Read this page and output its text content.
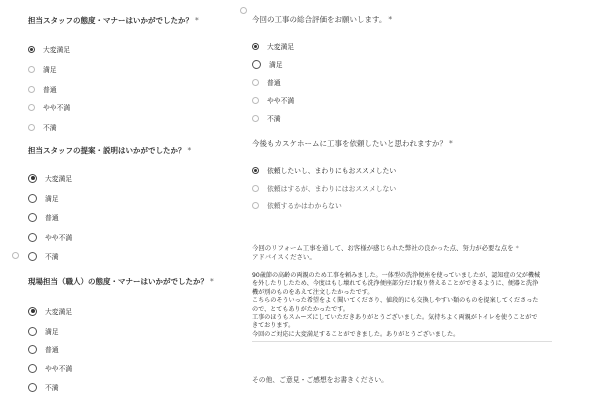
担当スタッフの態度・マナーはいかがでしたか？ *
大変満足
満足
普通
やや不満
不満
担当スタッフの提案・説明はいかがでしたか？ *
大変満足
満足
普通
やや不満
不満
現場担当（職人）の態度・マナーはいかがでしたか？ *
大変満足
満足
普通
やや不満
不満
今回の工事の総合評価をお願いします。 *
大変満足
満足
普通
やや不満
不満
今後もカスケホームに工事を依頼したいと思われますか？ *
依頼したいし、まわりにもおススメしたい
依頼はするが、まわりにはおススメしない
依頼するかはわからない
今回のリフォーム工事を通して、お客様が感じられた弊社の良かった点、努力が必要な点を *
アドバイスください。
90歳節の高齢の両親のため工事を頼みました。一体型の洗浄便座を使っていましたが、認知症の父が機械
を外したりしたため、今度はもし壊れても洗浄便座部分だけ取り替えることができるように、便器と洗浄
機が別のものをあえて注文したかったです。
こちらのそういった希望をよく聞いてくださり、値段的にも交換しやすい類のものを提案してくださった
ので、とてもありがたかったです。
工事のほうもスムーズにしていただきありがとうございました。気持ちよく両親がトイレを使うことがで
きております。
今回のご対応に大変満足することができました。ありがとうございました。
その他、ご意見・ご感想をお書きください。
